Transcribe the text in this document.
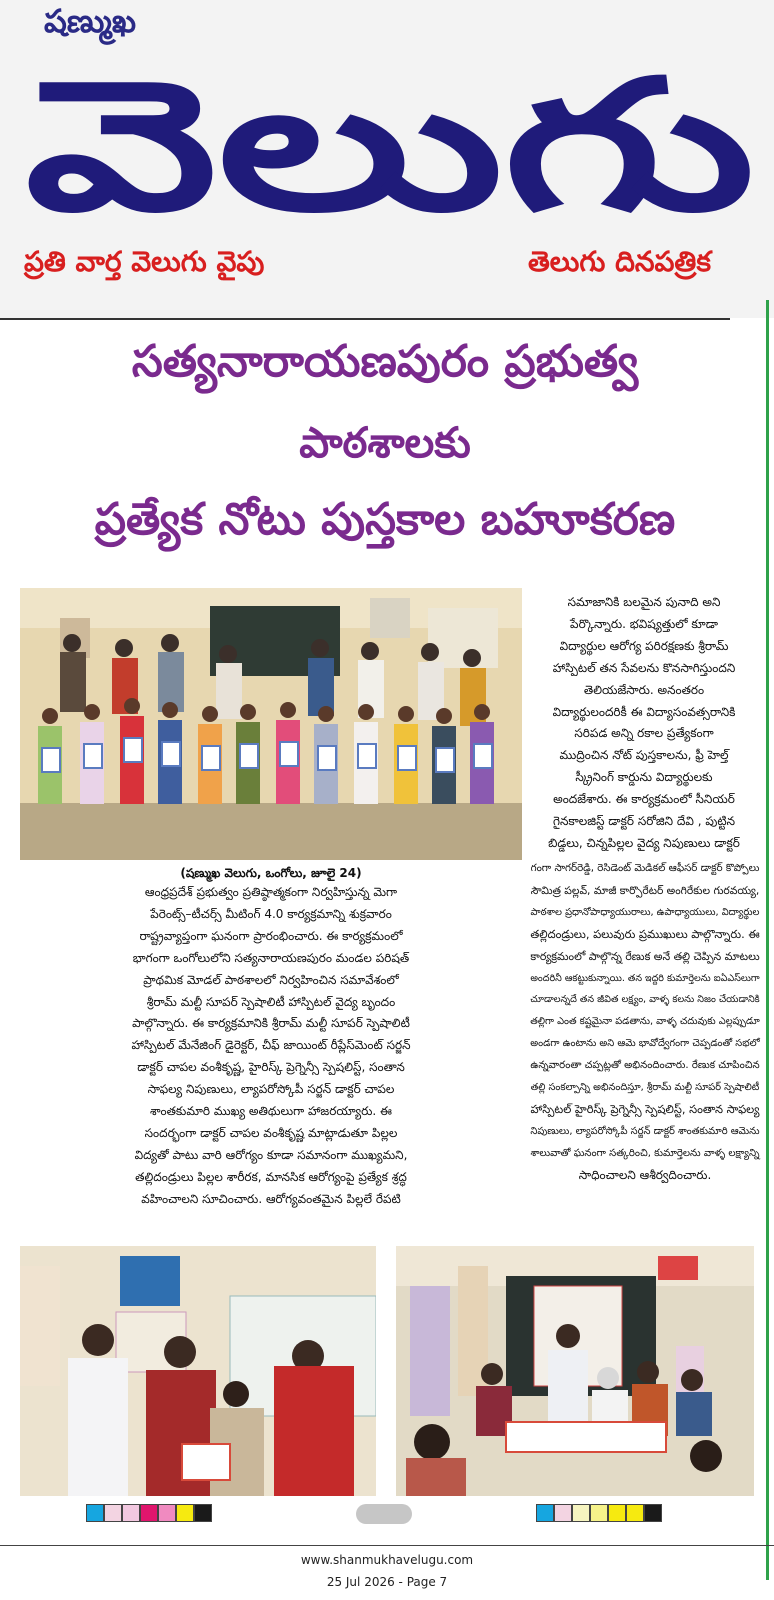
షణ్ముఖ
వెలుగు
ప్రతి వార్త వెలుగు వైపు	తెలుగు దినపత్రిక
సత్యనారాయణపురం ప్రభుత్వ
పాఠశాలకు
ప్రత్యేక నోటు పుస్తకాల బహూకరణ
(షణ్ముఖ వెలుగు, ఒంగోలు, జూలై 24)
ఆంధ్రప్రదేశ్ ప్రభుత్వం ప్రతిష్ఠాత్మకంగా నిర్వహిస్తున్న మెగా
పేరెంట్స్–టీచర్స్ మీటింగ్ 4.0 కార్యక్రమాన్ని శుక్రవారం
రాష్ట్రవ్యాప్తంగా ఘనంగా ప్రారంభించారు. ఈ కార్యక్రమంలో
భాగంగా ఒంగోలులోని సత్యనారాయణపురం మండల పరిషత్
ప్రాథమిక మోడల్ పాఠశాలలో నిర్వహించిన సమావేశంలో
శ్రీరామ్ మల్టీ సూపర్ స్పెషాలిటీ హాస్పిటల్ వైద్య బృందం
పాల్గొన్నారు. ఈ కార్యక్రమానికి శ్రీరామ్ మల్టీ సూపర్ స్పెషాలిటీ
హాస్పిటల్ మేనేజింగ్ డైరెక్టర్, చీఫ్ జాయింట్ రీప్లేస్‌మెంట్ సర్జన్
డాక్టర్ చాపల వంశీకృష్ణ, హైరిస్క్ ప్రెగ్నెన్సీ స్పెషలిస్ట్, సంతాన
సాఫల్య నిపుణులు, ల్యాపరోస్కోపీ సర్జన్ డాక్టర్ చాపల
శాంతకుమారి ముఖ్య అతిథులుగా హాజరయ్యారు. ఈ
సందర్భంగా డాక్టర్ చాపల వంశీకృష్ణ మాట్లాడుతూ పిల్లల
విద్యతో పాటు వారి ఆరోగ్యం కూడా సమానంగా ముఖ్యమని,
తల్లిదండ్రులు పిల్లల శారీరక, మానసిక ఆరోగ్యంపై ప్రత్యేక శ్రద్ధ
వహించాలని సూచించారు. ఆరోగ్యవంతమైన పిల్లలే రేపటి
సమాజానికి బలమైన పునాది అని
పేర్కొన్నారు. భవిష్యత్తులో కూడా
విద్యార్థుల ఆరోగ్య పరిరక్షణకు శ్రీరామ్
హాస్పిటల్ తన సేవలను కొనసాగిస్తుందని
తెలియజేసారు. అనంతరం
విద్యార్థులందరికీ ఈ విద్యాసంవత్సరానికి
సరిపడ అన్ని రకాల ప్రత్యేకంగా
ముద్రించిన నోట్ పుస్తకాలను, ఫ్రీ హెల్త్
స్క్రీనింగ్ కార్డును విద్యార్థులకు
అందజేశారు. ఈ కార్యక్రమంలో సీనియర్
గైనకాలజిస్ట్ డాక్టర్ సరోజిని దేవి , పుట్టిన
బిడ్డలు, చిన్నపిల్లల వైద్య నిపుణులు డాక్టర్
గంగా సాగర్‌రెడ్డి, రెసిడెంట్ మెడికల్ ఆఫీసర్ డాక్టర్ కొప్పోలు
సౌమిత్ర పల్లవ్, మాజీ కార్పొరేటర్ అంగిరేకుల గురవయ్య,
పాఠశాల ప్రధానోపాధ్యాయురాలు, ఉపాధ్యాయులు, విద్యార్థుల
తల్లిదండ్రులు, పలువురు ప్రముఖులు పాల్గొన్నారు. ఈ
కార్యక్రమంలో పాల్గొన్న రేణుక అనే తల్లి చెప్పిన మాటలు
అందరినీ ఆకట్టుకున్నాయి. తన ఇద్దరి కుమార్తెలను ఐఏఎస్‌లుగా
చూడాలన్నదే తన జీవిత లక్ష్యం, వాళ్ళ కలను నిజం చేయడానికి
తల్లిగా ఎంత కష్టమైనా పడతాను, వాళ్ళ చదువుకు ఎల్లప్పుడూ
అండగా ఉంటాను అని ఆమె భావోద్వేగంగా చెప్పడంతో సభలో
ఉన్నవారంతా చప్పట్లతో అభినందించారు. రేణుక చూపించిన
తల్లి సంకల్పాన్ని అభినందిస్తూ, శ్రీరామ్ మల్టీ సూపర్ స్పెషాలిటీ
హాస్పిటల్ హైరిస్క్ ప్రెగ్నెన్సీ స్పెషలిస్ట్, సంతాన సాఫల్య
నిపుణులు, ల్యాపరోస్కోపీ సర్జన్ డాక్టర్ శాంతకుమారి ఆమెను
శాలువాతో ఘనంగా సత్కరించి, కుమార్తెలను వాళ్ళ లక్ష్యాన్ని
సాధించాలని ఆశీర్వదించారు.
www.shanmukhavelugu.com
25 Jul 2026 - Page 7
